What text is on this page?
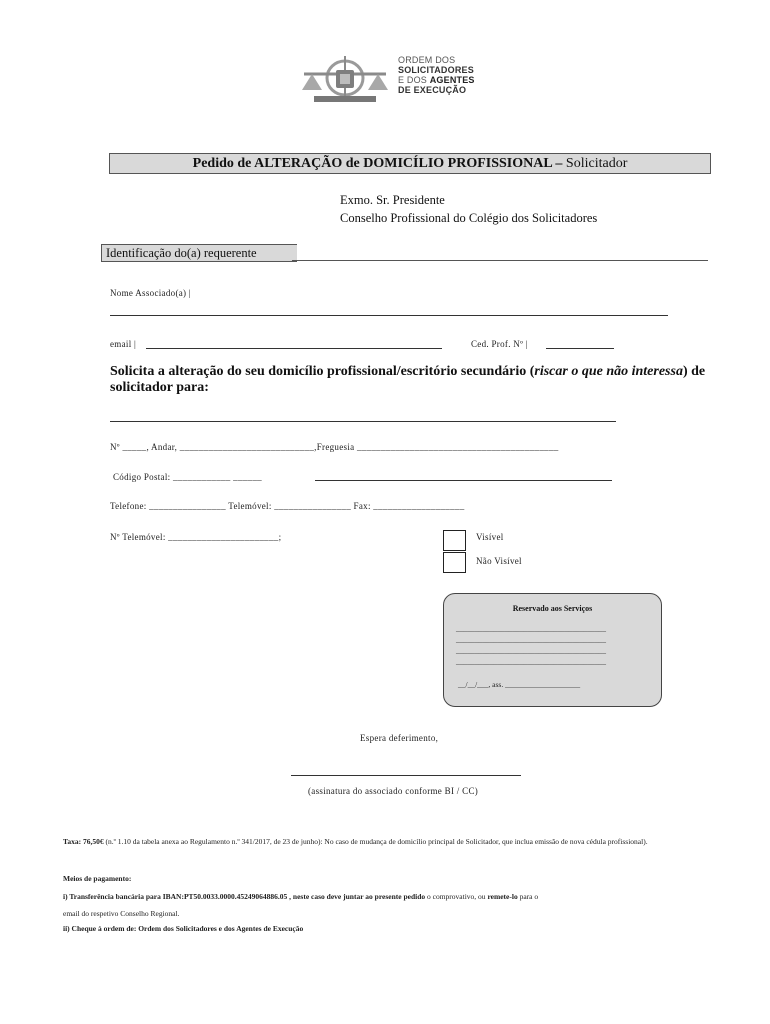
ORDEM DOS
SOLICITADORES
E DOS AGENTES
DE EXECUÇÃO
Pedido de ALTERAÇÃO de DOMICÍLIO PROFISSIONAL – Solicitador
Exmo. Sr. Presidente
Conselho Profissional do Colégio dos Solicitadores
Identificação do(a) requerente
Nome Associado(a) |
email |	Ced. Prof. Nº |
Solicita a alteração do seu domicílio profissional/escritório secundário (riscar o que não interessa) de solicitador para:
Nº _____, Andar, ____________________________,Freguesia __________________________________________
Código Postal: ____________ ______
Telefone: ________________ Telemóvel: ________________ Fax: ___________________
Nº Telemóvel: _______________________;	Visível
Não Visível
Reservado aos Serviços
________________________________________
________________________________________
________________________________________
________________________________________
__/__/___, ass. ____________________
Espera deferimento,
(assinatura do associado conforme BI / CC)
Taxa: 76,50€ (n.º 1.10 da tabela anexa ao Regulamento n.º 341/2017, de 23 de junho): No caso de mudança de domicílio principal de Solicitador, que inclua emissão de nova cédula profissional).
Meios de pagamento:
i) Transferência bancária para IBAN:PT50.0033.0000.45249064886.05 , neste caso deve juntar ao presente pedido o comprovativo, ou remete-lo para o
email do respetivo Conselho Regional.
ii) Cheque à ordem de: Ordem dos Solicitadores e dos Agentes de Execução
